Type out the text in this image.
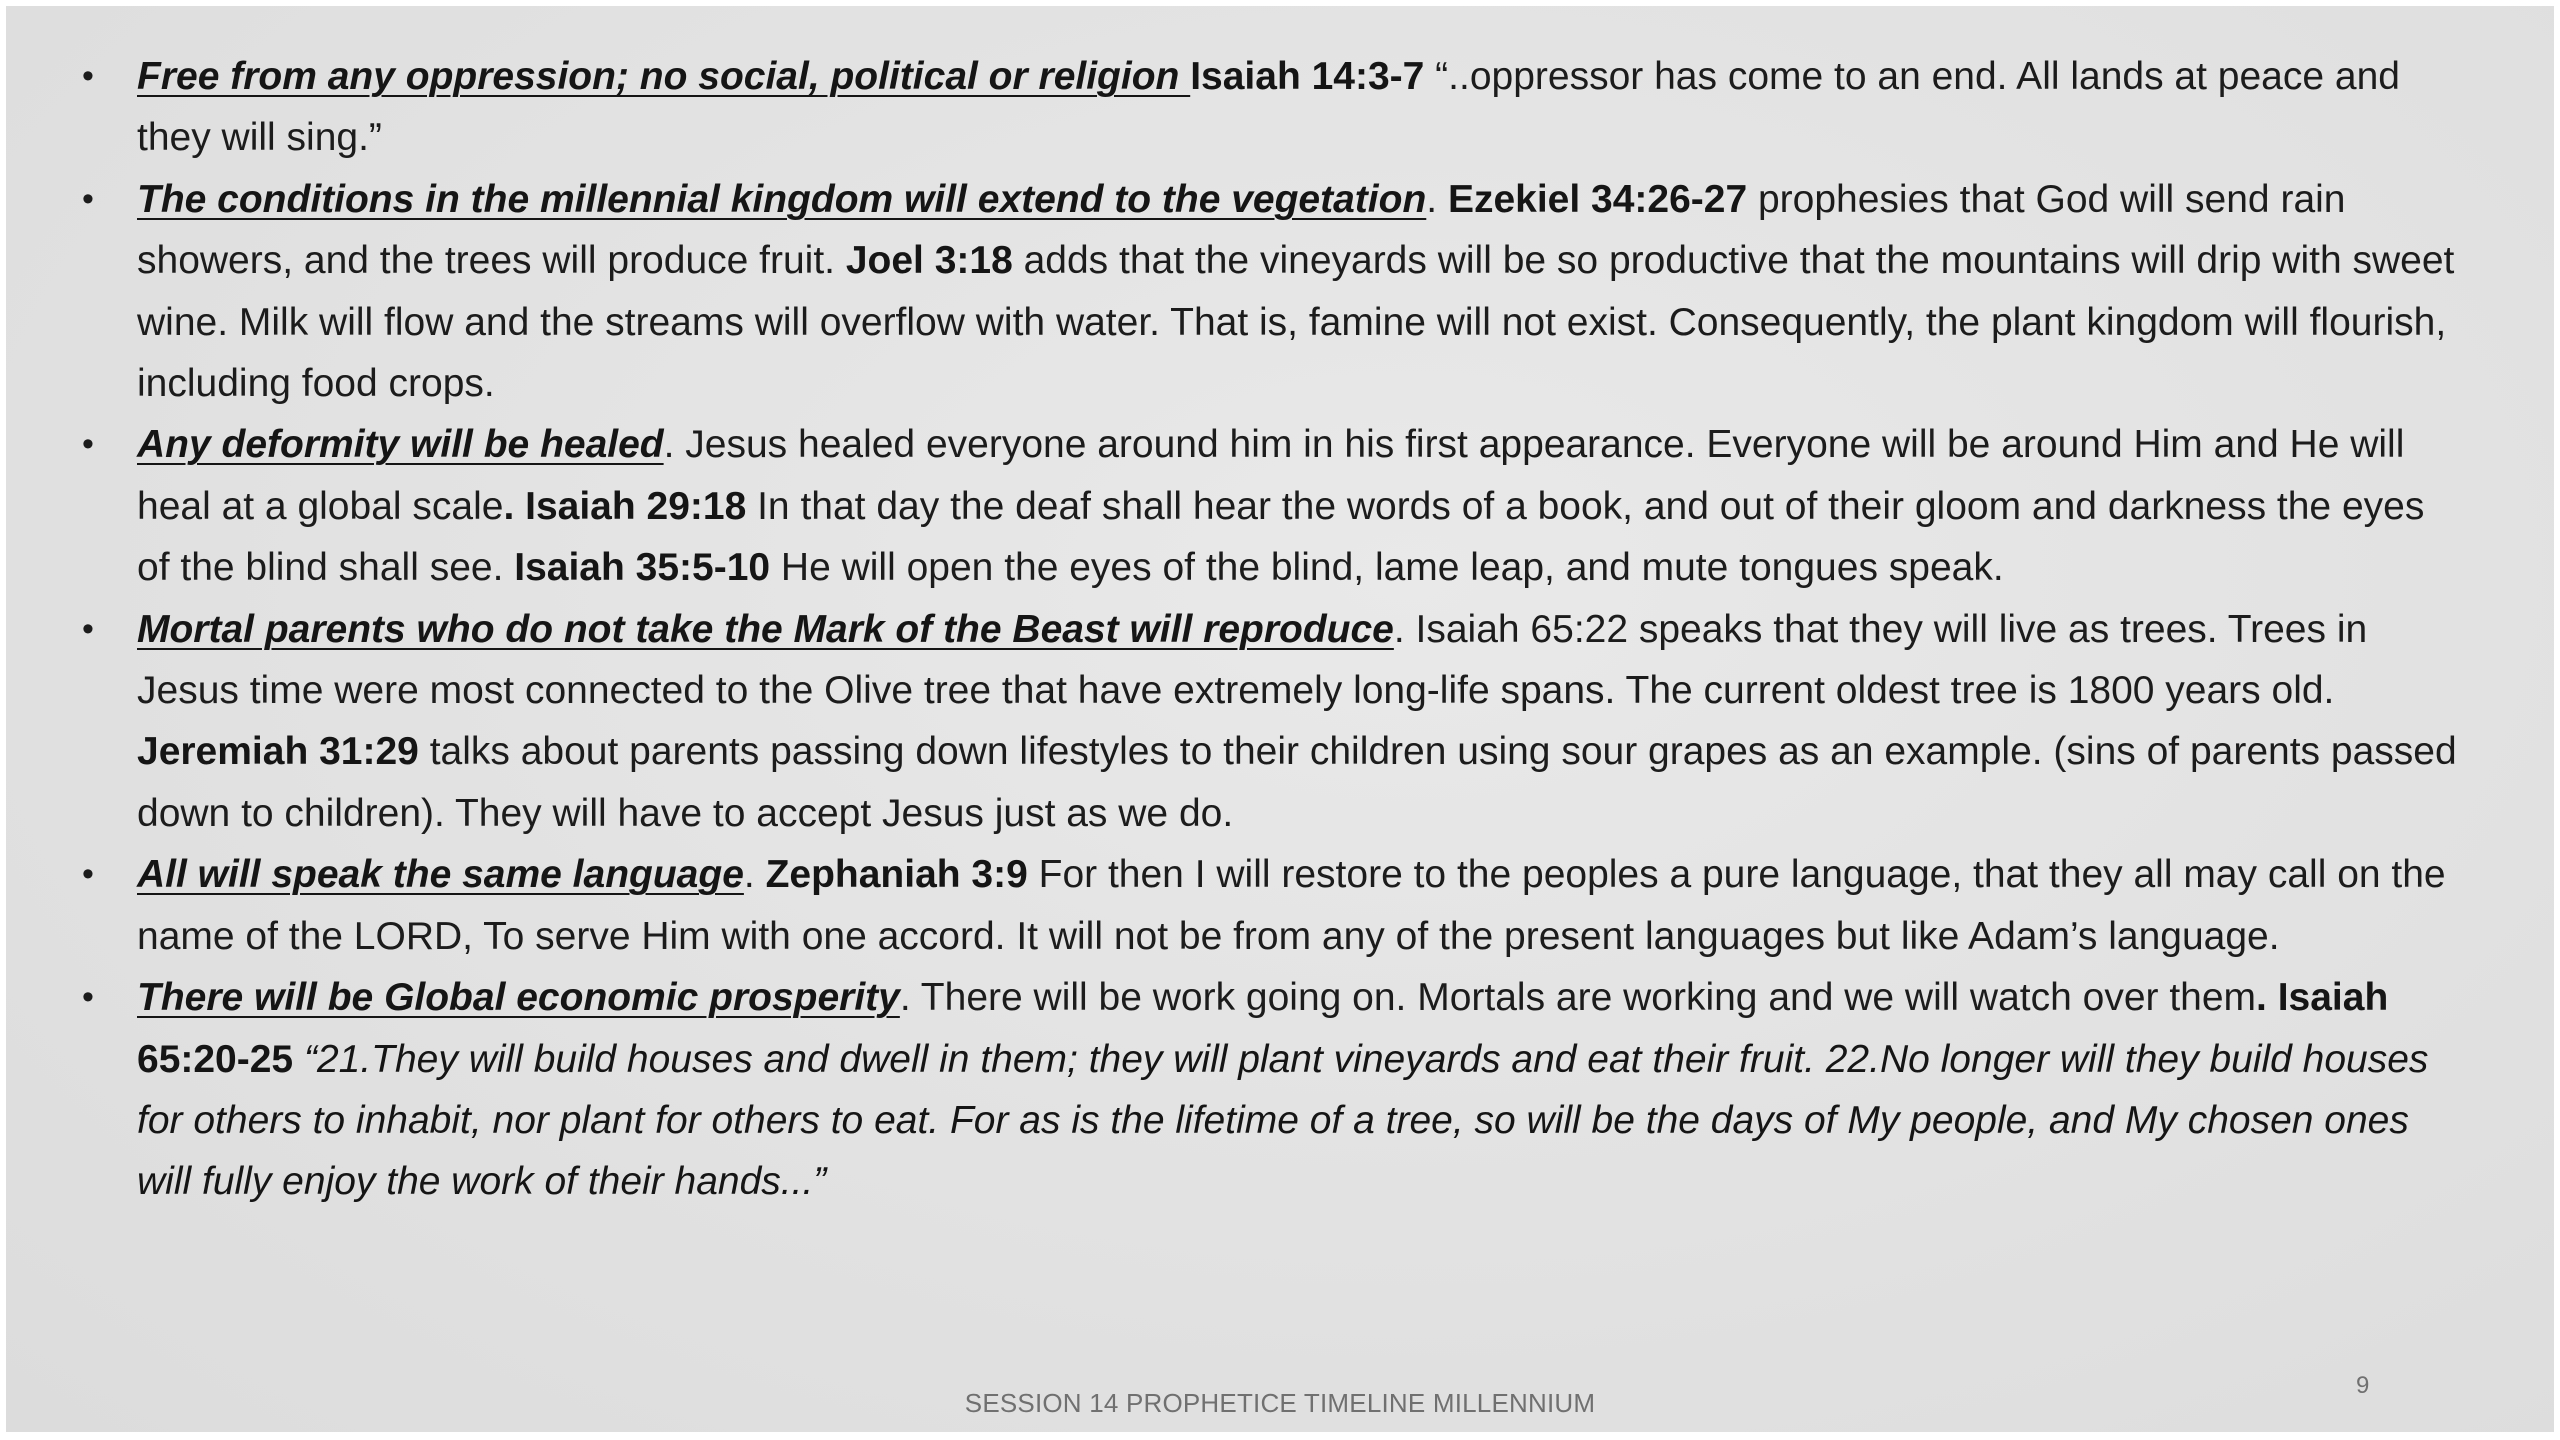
• Free from any oppression; no social, political or religion Isaiah 14:3-7 “..oppressor has come to an end. All lands at peace and they will sing.”
• The conditions in the millennial kingdom will extend to the vegetation. Ezekiel 34:26-27 prophesies that God will send rain showers, and the trees will produce fruit. Joel 3:18 adds that the vineyards will be so productive that the mountains will drip with sweet wine. Milk will flow and the streams will overflow with water. That is, famine will not exist. Consequently, the plant kingdom will flourish, including food crops.
• Any deformity will be healed. Jesus healed everyone around him in his first appearance. Everyone will be around Him and He will heal at a global scale. Isaiah 29:18 In that day the deaf shall hear the words of a book, and out of their gloom and darkness the eyes of the blind shall see. Isaiah 35:5-10 He will open the eyes of the blind, lame leap, and mute tongues speak.
• Mortal parents who do not take the Mark of the Beast will reproduce. Isaiah 65:22 speaks that they will live as trees. Trees in Jesus time were most connected to the Olive tree that have extremely long-life spans. The current oldest tree is 1800 years old. Jeremiah 31:29 talks about parents passing down lifestyles to their children using sour grapes as an example. (sins of parents passed down to children). They will have to accept Jesus just as we do.
• All will speak the same language. Zephaniah 3:9 For then I will restore to the peoples a pure language, that they all may call on the name of the LORD, To serve Him with one accord. It will not be from any of the present languages but like Adam’s language.
• There will be Global economic prosperity. There will be work going on. Mortals are working and we will watch over them. Isaiah 65:20-25 “21.They will build houses and dwell in them; they will plant vineyards and eat their fruit. 22.No longer will they build houses for others to inhabit, nor plant for others to eat. For as is the lifetime of a tree, so will be the days of My people, and My chosen ones will fully enjoy the work of their hands...”
SESSION 14 PROPHETICE TIMELINE MILLENNIUM
9
